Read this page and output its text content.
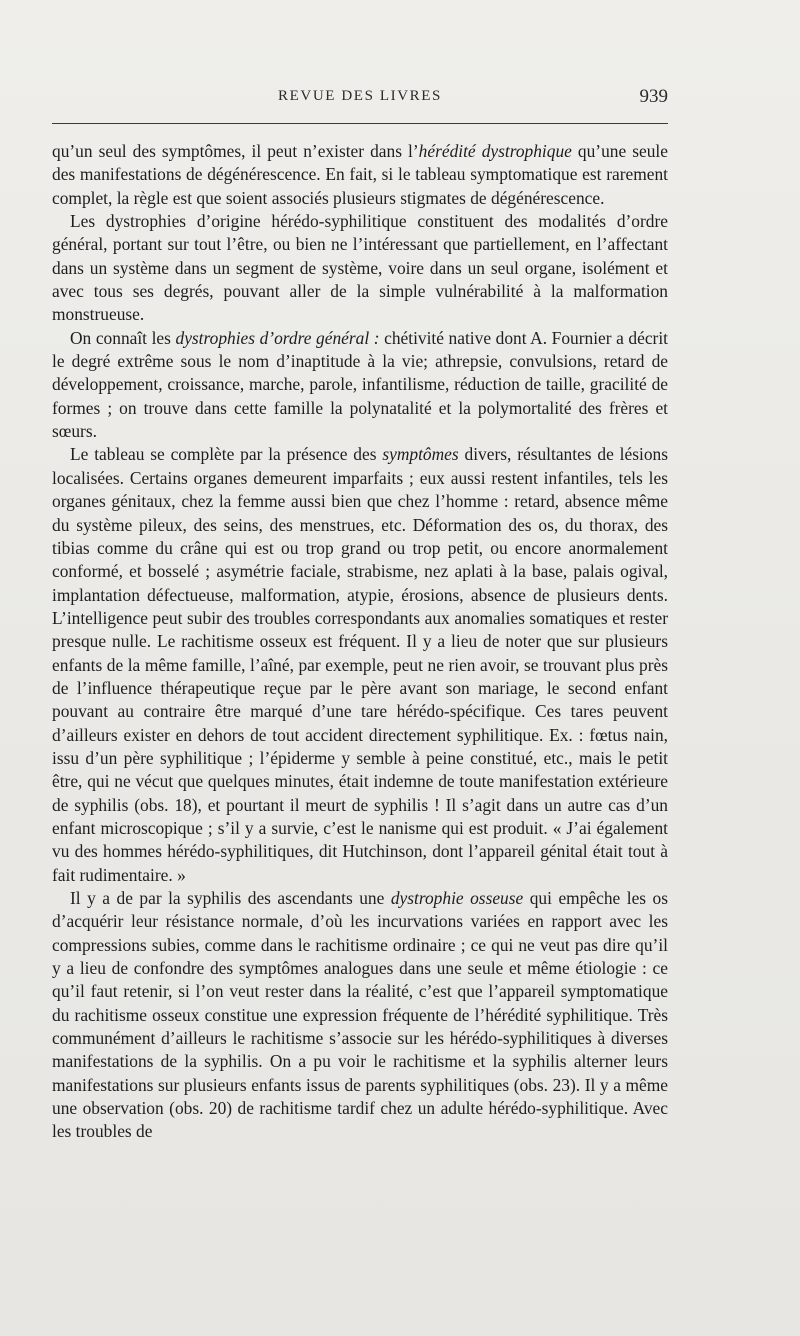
REVUE DES LIVRES	939

qu’un seul des symptômes, il peut n’exister dans l’hérédité dystrophique qu’une seule des manifestations de dégénérescence. En fait, si le tableau symptomatique est rarement complet, la règle est que soient associés plusieurs stigmates de dégénérescence.

Les dystrophies d’origine hérédo-syphilitique constituent des modalités d’ordre général, portant sur tout l’être, ou bien ne l’intéressant que partiellement, en l’affectant dans un système dans un segment de système, voire dans un seul organe, isolément et avec tous ses degrés, pouvant aller de la simple vulnérabilité à la malformation monstrueuse.

On connaît les dystrophies d’ordre général : chétivité native dont A. Fournier a décrit le degré extrême sous le nom d’inaptitude à la vie; athrepsie, convulsions, retard de développement, croissance, marche, parole, infantilisme, réduction de taille, gracilité de formes ; on trouve dans cette famille la polynatalité et la polymortalité des frères et sœurs.

Le tableau se complète par la présence des symptômes divers, résultantes de lésions localisées. Certains organes demeurent imparfaits ; eux aussi restent infantiles, tels les organes génitaux, chez la femme aussi bien que chez l’homme : retard, absence même du système pileux, des seins, des menstrues, etc. Déformation des os, du thorax, des tibias comme du crâne qui est ou trop grand ou trop petit, ou encore anormalement conformé, et bosselé ; asymétrie faciale, strabisme, nez aplati à la base, palais ogival, implantation défectueuse, malformation, atypie, érosions, absence de plusieurs dents. L’intelligence peut subir des troubles correspondants aux anomalies somatiques et rester presque nulle. Le rachitisme osseux est fréquent. Il y a lieu de noter que sur plusieurs enfants de la même famille, l’aîné, par exemple, peut ne rien avoir, se trouvant plus près de l’influence thérapeutique reçue par le père avant son mariage, le second enfant pouvant au contraire être marqué d’une tare hérédo-spécifique. Ces tares peuvent d’ailleurs exister en dehors de tout accident directement syphilitique. Ex. : fœtus nain, issu d’un père syphilitique ; l’épiderme y semble à peine constitué, etc., mais le petit être, qui ne vécut que quelques minutes, était indemne de toute manifestation extérieure de syphilis (obs. 18), et pourtant il meurt de syphilis ! Il s’agit dans un autre cas d’un enfant microscopique ; s’il y a survie, c’est le nanisme qui est produit. « J’ai également vu des hommes hérédo-syphilitiques, dit Hutchinson, dont l’appareil génital était tout à fait rudimentaire. »

Il y a de par la syphilis des ascendants une dystrophie osseuse qui empêche les os d’acquérir leur résistance normale, d’où les incurvations variées en rapport avec les compressions subies, comme dans le rachitisme ordinaire ; ce qui ne veut pas dire qu’il y a lieu de confondre des symptômes analogues dans une seule et même étiologie : ce qu’il faut retenir, si l’on veut rester dans la réalité, c’est que l’appareil symptomatique du rachitisme osseux constitue une expression fréquente de l’hérédité syphilitique. Très communément d’ailleurs le rachitisme s’associe sur les hérédo-syphilitiques à diverses manifestations de la syphilis. On a pu voir le rachitisme et la syphilis alterner leurs manifestations sur plusieurs enfants issus de parents syphilitiques (obs. 23). Il y a même une observation (obs. 20) de rachitisme tardif chez un adulte hérédo-syphilitique. Avec les troubles de
